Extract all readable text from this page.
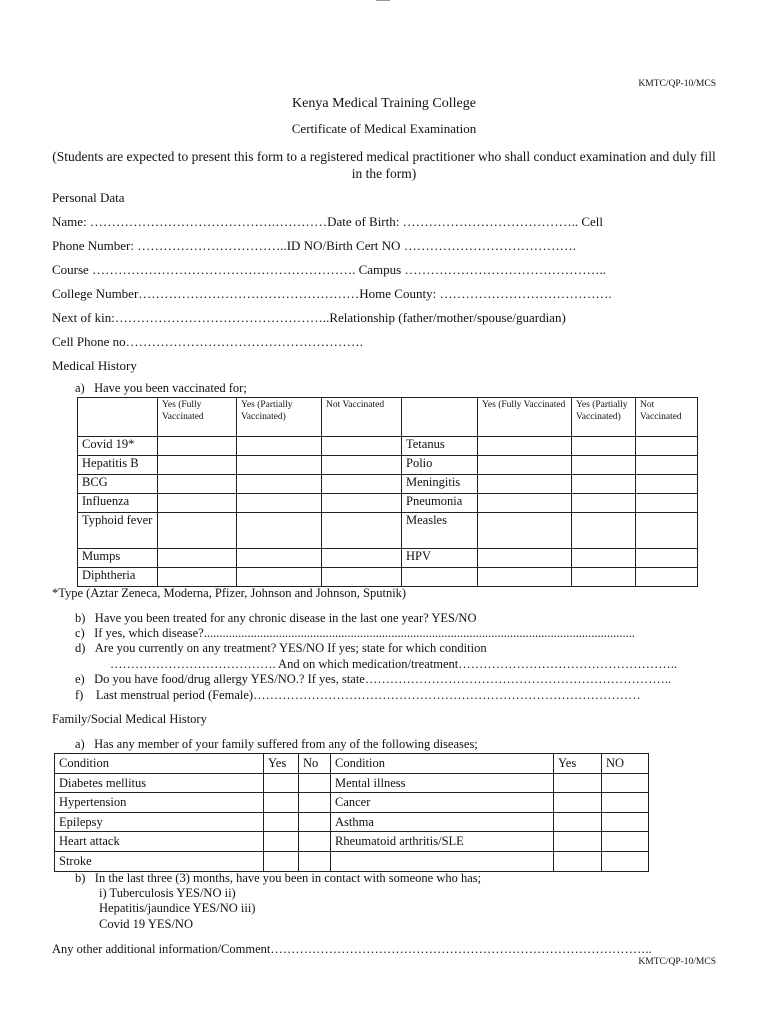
KMTC/QP-10/MCS
Kenya Medical Training College
Certificate of Medical Examination
(Students are expected to present this form to a registered medical practitioner who shall conduct examination and duly fill in the form)
Personal Data
Name: …………………………………….…………Date of Birth: ………………………………….. Cell
Phone Number: ……………………………..ID NO/Birth Cert NO ………………………………….
Course ……………………………………………………. Campus ………………………………………..
College Number……………………………………………Home County: ………………………………….
Next of kin:…………………………………………..Relationship (father/mother/spouse/guardian)
Cell Phone no……………………………………………….
Medical History
a)   Have you been vaccinated for;
	Yes (Fully Vaccinated	Yes (Partially Vaccinated)	Not Vaccinated		Yes (Fully Vaccinated	Yes (Partially Vaccinated)	Not Vaccinated
Covid 19*				Tetanus			
Hepatitis B				Polio			
BCG				Meningitis			
Influenza				Pneumonia			
Typhoid fever				Measles			
Mumps				HPV			
Diphtheria							
*Type (Aztar Zeneca, Moderna, Pfizer, Johnson and Johnson, Sputnik)
b)   Have you been treated for any chronic disease in the last one year? YES/NO
c)   If yes, which disease?..........................................................................................................................................
d)   Are you currently on any treatment? YES/NO If yes; state for which condition
…………………………………. And on which medication/treatment……………………………………………..
e)   Do you have food/drug allergy YES/NO.? If yes, state………………………………………………………………..
f)    Last menstrual period (Female)…………………………………………………………………………………
Family/Social Medical History
a)   Has any member of your family suffered from any of the following diseases;
Condition	Yes	No	Condition	Yes	NO
Diabetes mellitus			Mental illness		
Hypertension			Cancer		
Epilepsy			Asthma		
Heart attack			Rheumatoid arthritis/SLE		
Stroke					
b)   In the last three (3) months, have you been in contact with someone who has;
i) Tuberculosis YES/NO ii)
Hepatitis/jaundice YES/NO iii)
Covid 19 YES/NO
Any other additional information/Comment………………………………………………………………………………..
KMTC/QP-10/MCS
